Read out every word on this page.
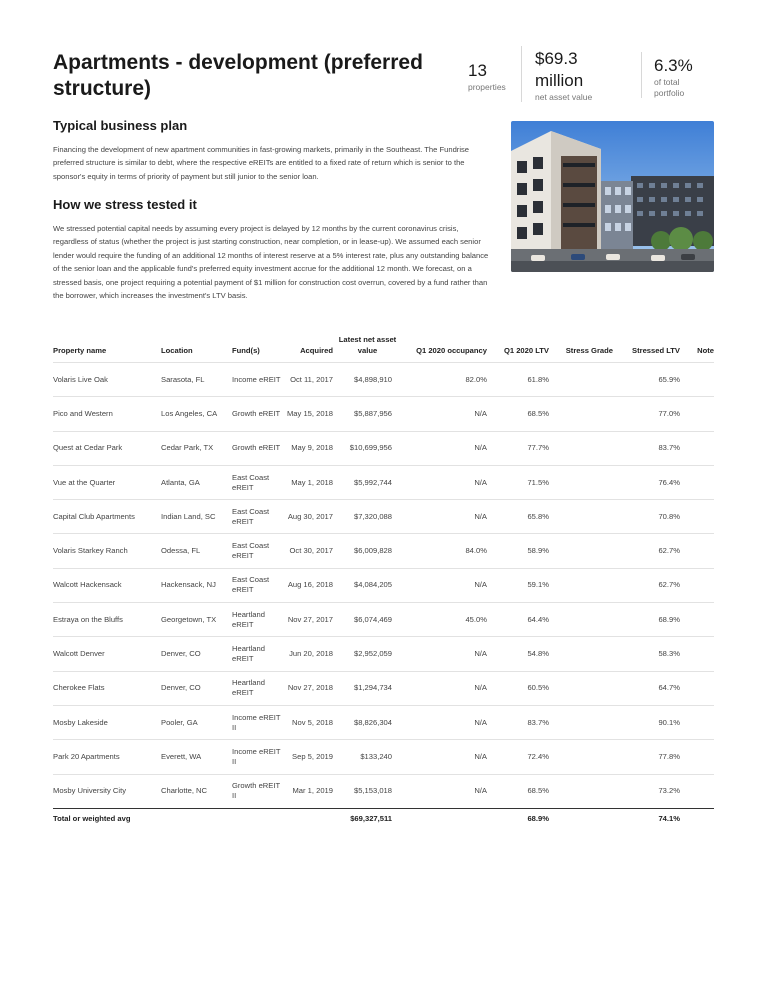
Apartments - development (preferred structure)
13
properties
$69.3 million
net asset value
6.3%
of total portfolio
Typical business plan
Financing the development of new apartment communities in fast-growing markets, primarily in the Southeast. The Fundrise preferred structure is similar to debt, where the respective eREITs are entitled to a fixed rate of return which is senior to the sponsor's equity in terms of priority of payment but still junior to the senior loan.
How we stress tested it
We stressed potential capital needs by assuming every project is delayed by 12 months by the current coronavirus crisis, regardless of status (whether the project is just starting construction, near completion, or in lease-up). We assumed each senior lender would require the funding of an additional 12 months of interest reserve at a 5% interest rate, plus any outstanding balance of the senior loan and the applicable fund's preferred equity investment accrue for the additional 12 month. We forecast, on a stressed basis, one project requiring a potential payment of $1 million for construction cost overrun, covered by a fund rather than the borrower, which increases the investment's LTV basis.
Property name	Location	Fund(s)	Acquired	Latest net asset value	Q1 2020 occupancy	Q1 2020 LTV	Stress Grade	Stressed LTV	Note
Volaris Live Oak	Sarasota, FL	Income eREIT	Oct 11, 2017	$4,898,910	82.0%	61.8%		65.9%	
Pico and Western	Los Angeles, CA	Growth eREIT	May 15, 2018	$5,887,956	N/A	68.5%		77.0%	
Quest at Cedar Park	Cedar Park, TX	Growth eREIT	May 9, 2018	$10,699,956	N/A	77.7%		83.7%	
Vue at the Quarter	Atlanta, GA	East Coast eREIT	May 1, 2018	$5,992,744	N/A	71.5%		76.4%	
Capital Club Apartments	Indian Land, SC	East Coast eREIT	Aug 30, 2017	$7,320,088	N/A	65.8%		70.8%	
Volaris Starkey Ranch	Odessa, FL	East Coast eREIT	Oct 30, 2017	$6,009,828	84.0%	58.9%		62.7%	
Walcott Hackensack	Hackensack, NJ	East Coast eREIT	Aug 16, 2018	$4,084,205	N/A	59.1%		62.7%	
Estraya on the Bluffs	Georgetown, TX	Heartland eREIT	Nov 27, 2017	$6,074,469	45.0%	64.4%		68.9%	
Walcott Denver	Denver, CO	Heartland eREIT	Jun 20, 2018	$2,952,059	N/A	54.8%		58.3%	
Cherokee Flats	Denver, CO	Heartland eREIT	Nov 27, 2018	$1,294,734	N/A	60.5%		64.7%	
Mosby Lakeside	Pooler, GA	Income eREIT II	Nov 5, 2018	$8,826,304	N/A	83.7%		90.1%	
Park 20 Apartments	Everett, WA	Income eREIT II	Sep 5, 2019	$133,240	N/A	72.4%		77.8%	
Mosby University City	Charlotte, NC	Growth eREIT II	Mar 1, 2019	$5,153,018	N/A	68.5%		73.2%	
Total or weighted avg				$69,327,511		68.9%		74.1%	
